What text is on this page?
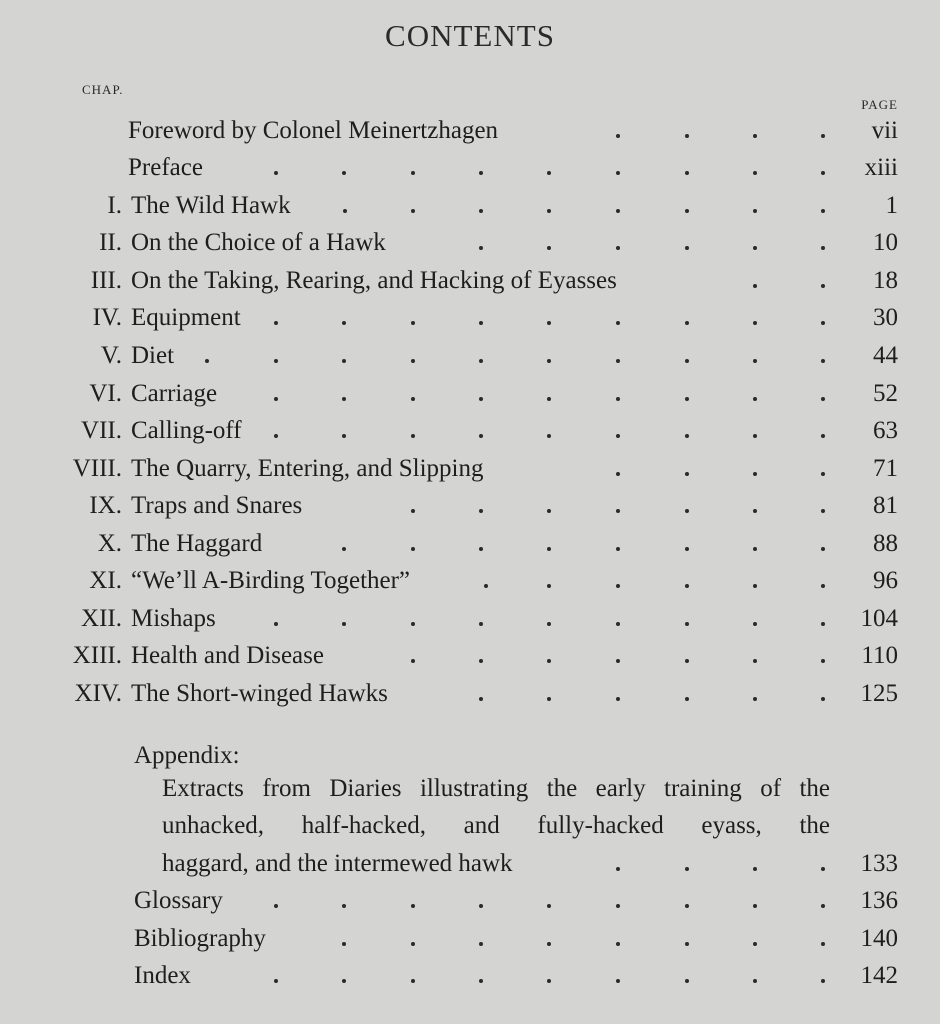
CONTENTS
CHAP.
PAGE
Foreword by Colonel Meinertzhagen	vii
Preface	xiii
I. The Wild Hawk	1
II. On the Choice of a Hawk	10
III. On the Taking, Rearing, and Hacking of Eyasses	18
IV. Equipment	30
V. Diet	44
VI. Carriage	52
VII. Calling-off	63
VIII. The Quarry, Entering, and Slipping	71
IX. Traps and Snares	81
X. The Haggard	88
XI. “We’ll A-Birding Together”	96
XII. Mishaps	104
XIII. Health and Disease	110
XIV. The Short-winged Hawks	125
Appendix:
Extracts from Diaries illustrating the early training of the
unhacked, half-hacked, and fully-hacked eyass, the
haggard, and the intermewed hawk	133
Glossary	136
Bibliography	140
Index	142
